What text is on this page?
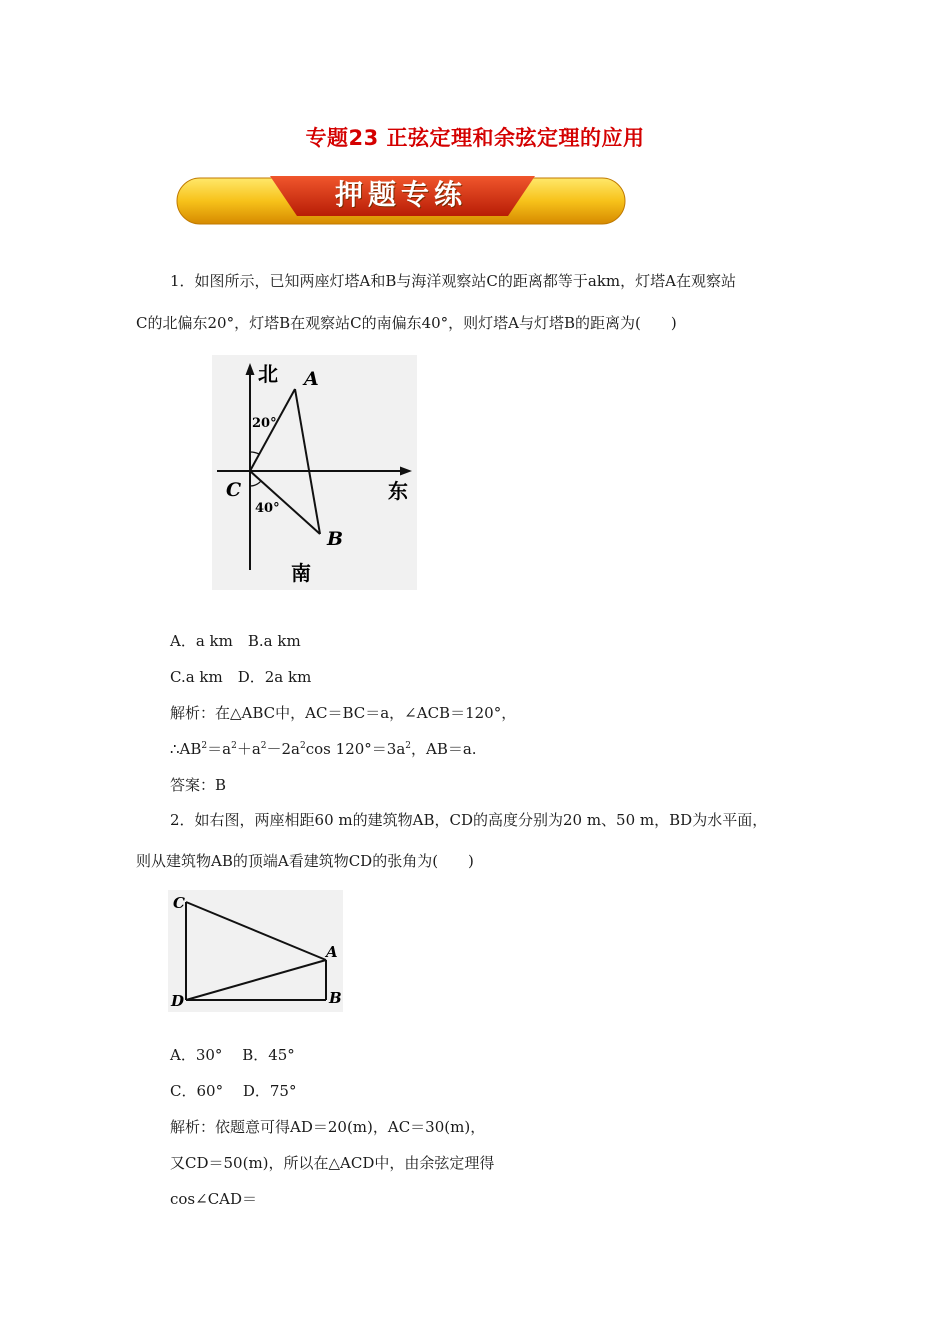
专题23 正弦定理和余弦定理的应用
押题专练
1．如图所示，已知两座灯塔A和B与海洋观察站C的距离都等于akm，灯塔A在观察站
C的北偏东20°，灯塔B在观察站C的南偏东40°，则灯塔A与灯塔B的距离为(　　)
北 A
20°
C	东
40°
B
南
A．a km　B.a km
C.a km　D．2a km
解析：在△ABC中，AC＝BC＝a，∠ACB＝120°，
$\therefore AB^2=a^2+a^2-2a^2\cos$ $120^\circ=3a^2$，AB＝a.
答案：B
2．如右图，两座相距60 m的建筑物AB，CD的高度分别为20 m、50 m，BD为水平面，
则从建筑物AB的顶端A看建筑物CD的张角为(　　)
C
A
D	B
A．30°　 B．45°
C．60°　 D．75°
解析：依题意可得AD＝20(m)，AC＝30(m)，
又CD＝50(m)，所以在△ACD中，由余弦定理得
cos∠CAD＝
